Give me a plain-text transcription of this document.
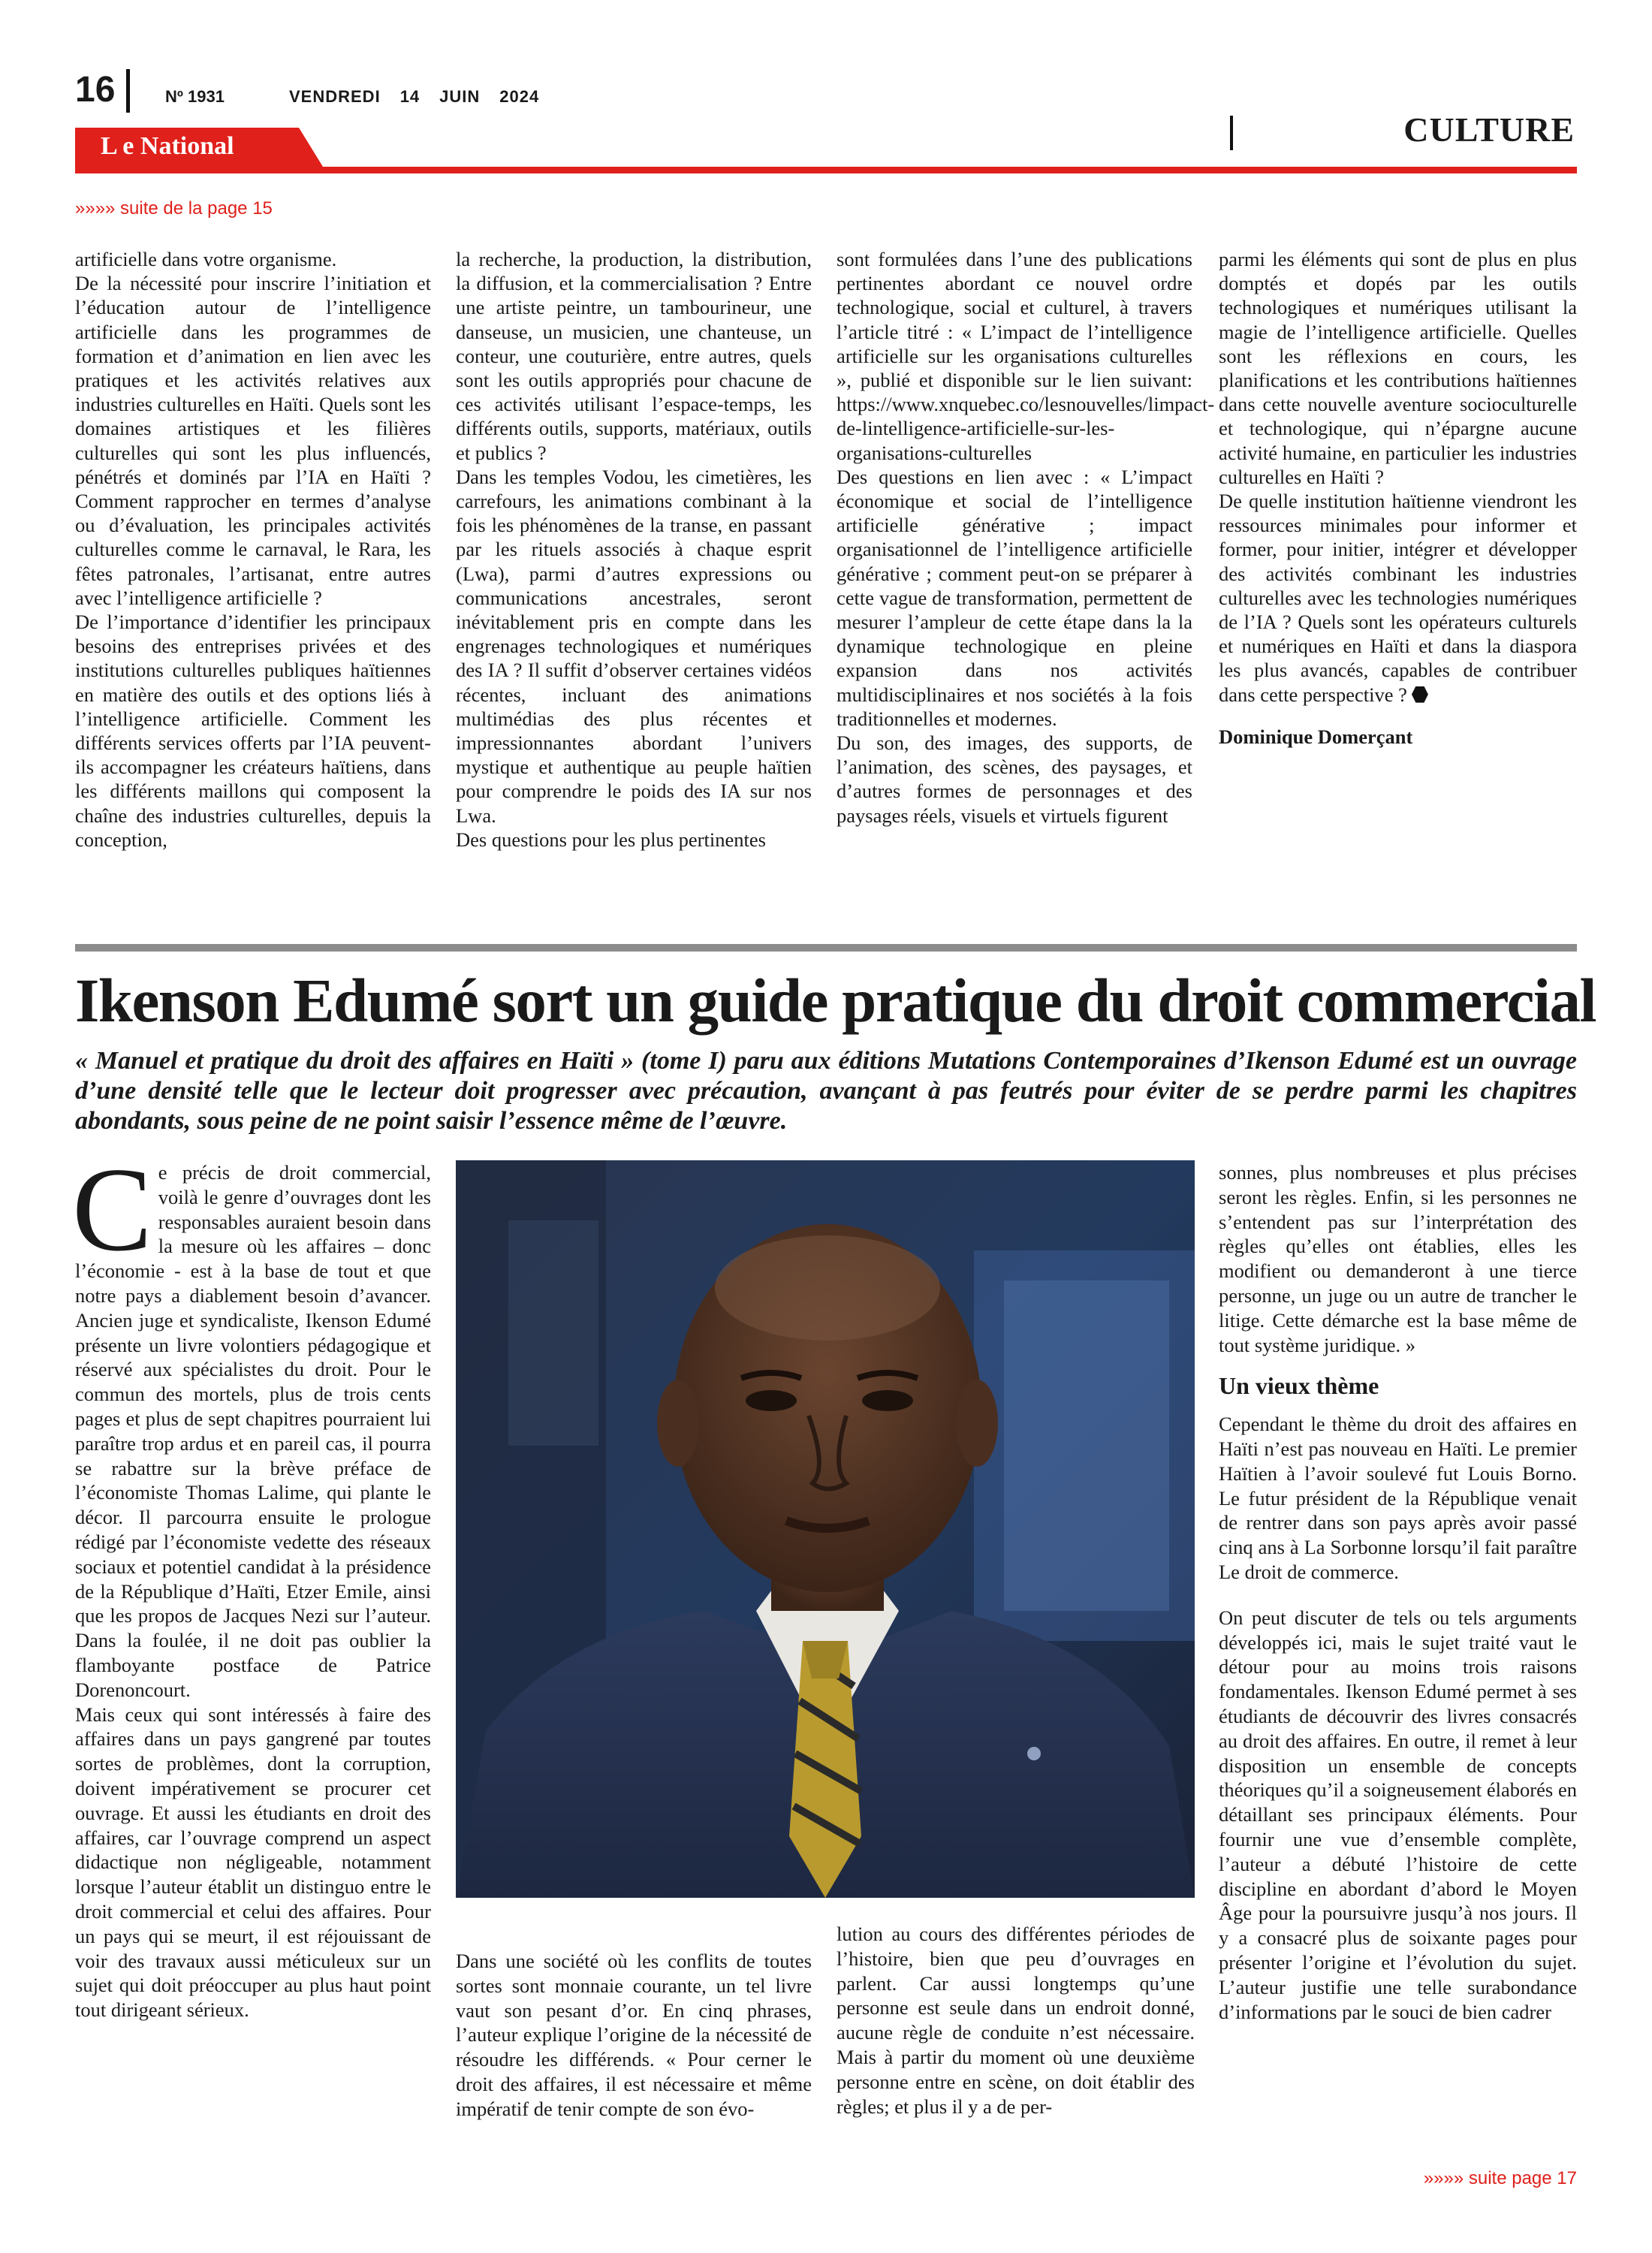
16	Nº 1931	VENDREDI 14 JUIN 2024
CULTURE
L e National
»»»» suite de la page 15

artificielle dans votre organisme.

De la nécessité pour inscrire l’initiation et l’éducation autour de l’intelligence artificielle dans les programmes de formation et d’animation en lien avec les pratiques et les activités relatives aux industries culturelles en Haïti. Quels sont les domaines artistiques et les filières culturelles qui sont les plus influencés, pénétrés et dominés par l’IA en Haïti ? Comment rapprocher en termes d’analyse ou d’évaluation, les principales activités culturelles comme le carnaval, le Rara, les fêtes patronales, l’artisanat, entre autres avec l’intelligence artificielle ?

De l’importance d’identifier les principaux besoins des entreprises privées et des institutions culturelles publiques haïtiennes en matière des outils et des options liés à l’intelligence artificielle. Comment les différents services offerts par l’IA peuvent-ils accompagner les créateurs haïtiens, dans les différents maillons qui composent la chaîne des industries culturelles, depuis la conception,

la recherche, la production, la distribution, la diffusion, et la commercialisation ? Entre une artiste peintre, un tambourineur, une danseuse, un musicien, une chanteuse, un conteur, une couturière, entre autres, quels sont les outils appropriés pour chacune de ces activités utilisant l’espace-temps, les différents outils, supports, matériaux, outils et publics ?

Dans les temples Vodou, les cimetières, les carrefours, les animations combinant à la fois les phénomènes de la transe, en passant par les rituels associés à chaque esprit (Lwa), parmi d’autres expressions ou communications ancestrales, seront inévitablement pris en compte dans les engrenages technologiques et numériques des IA ? Il suffit d’observer certaines vidéos récentes, incluant des animations multimédias des plus récentes et impressionnantes abordant l’univers mystique et authentique au peuple haïtien pour comprendre le poids des IA sur nos Lwa.

Des questions pour les plus pertinentes

sont formulées dans l’une des publications pertinentes abordant ce nouvel ordre technologique, social et culturel, à travers l’article titré : « L’impact de l’intelligence artificielle sur les organisations culturelles », publié et disponible sur le lien suivant: https://www.xnquebec.co/lesnouvelles/limpact-de-lintelligence-artificielle-sur-les-organisations-culturelles

Des questions en lien avec : « L’impact économique et social de l’intelligence artificielle générative ; impact organisationnel de l’intelligence artificielle générative ; comment peut-on se préparer à cette vague de transformation, permettent de mesurer l’ampleur de cette étape dans la la dynamique technologique en pleine expansion dans nos activités multidisciplinaires et nos sociétés à la fois traditionnelles et modernes.

Du son, des images, des supports, de l’animation, des scènes, des paysages, et d’autres formes de personnages et des paysages réels, visuels et virtuels figurent

parmi les éléments qui sont de plus en plus domptés et dopés par les outils technologiques et numériques utilisant la magie de l’intelligence artificielle. Quelles sont les réflexions en cours, les planifications et les contributions haïtiennes dans cette nouvelle aventure socioculturelle et technologique, qui n’épargne aucune activité humaine, en particulier les industries culturelles en Haïti ?

De quelle institution haïtienne viendront les ressources minimales pour informer et former, pour initier, intégrer et développer des activités combinant les industries culturelles avec les technologies numériques de l’IA ? Quels sont les opérateurs culturels et numériques en Haïti et dans la diaspora les plus avancés, capables de contribuer dans cette perspective ?

Dominique Domerçant

Ikenson Edumé sort un guide pratique du droit commercial
« Manuel et pratique du droit des affaires en Haïti » (tome I) paru aux éditions Mutations Contemporaines d’Ikenson Edumé est un ouvrage d’une densité telle que le lecteur doit progresser avec précaution, avançant à pas feutrés pour éviter de se perdre parmi les chapitres abondants, sous peine de ne point saisir l’essence même de l’œuvre.

Ce précis de droit commercial, voilà le genre d’ouvrages dont les responsables auraient besoin dans la mesure où les affaires – donc l’économie - est à la base de tout et que notre pays a diablement besoin d’avancer. Ancien juge et syndicaliste, Ikenson Edumé présente un livre volontiers pédagogique et réservé aux spécialistes du droit. Pour le commun des mortels, plus de trois cents pages et plus de sept chapitres pourraient lui paraître trop ardus et en pareil cas, il pourra se rabattre sur la brève préface de l’économiste Thomas Lalime, qui plante le décor. Il parcourra ensuite le prologue rédigé par l’économiste vedette des réseaux sociaux et potentiel candidat à la présidence de la République d’Haïti, Etzer Emile, ainsi que les propos de Jacques Nezi sur l’auteur. Dans la foulée, il ne doit pas oublier la flamboyante postface de Patrice Dorenoncourt.

Mais ceux qui sont intéressés à faire des affaires dans un pays gangrené par toutes sortes de problèmes, dont la corruption, doivent impérativement se procurer cet ouvrage. Et aussi les étudiants en droit des affaires, car l’ouvrage comprend un aspect didactique non négligeable, notamment lorsque l’auteur établit un distinguo entre le droit commercial et celui des affaires. Pour un pays qui se meurt, il est réjouissant de voir des travaux aussi méticuleux sur un sujet qui doit préoccuper au plus haut point tout dirigeant sérieux.

Dans une société où les conflits de toutes sortes sont monnaie courante, un tel livre vaut son pesant d’or. En cinq phrases, l’auteur explique l’origine de la nécessité de résoudre les différends. « Pour cerner le droit des affaires, il est nécessaire et même impératif de tenir compte de son évo-

lution au cours des différentes périodes de l’histoire, bien que peu d’ouvrages en parlent. Car aussi longtemps qu’une personne est seule dans un endroit donné, aucune règle de conduite n’est nécessaire. Mais à partir du moment où une deuxième personne entre en scène, on doit établir des règles; et plus il y a de per-

sonnes, plus nombreuses et plus précises seront les règles. Enfin, si les personnes ne s’entendent pas sur l’interprétation des règles qu’elles ont établies, elles les modifient ou demanderont à une tierce personne, un juge ou un autre de trancher le litige. Cette démarche est la base même de tout système juridique. »

Un vieux thème

Cependant le thème du droit des affaires en Haïti n’est pas nouveau en Haïti. Le premier Haïtien à l’avoir soulevé fut Louis Borno. Le futur président de la République venait de rentrer dans son pays après avoir passé cinq ans à La Sorbonne lorsqu’il fait paraître Le droit de commerce.

On peut discuter de tels ou tels arguments développés ici, mais le sujet traité vaut le détour pour au moins trois raisons fondamentales. Ikenson Edumé permet à ses étudiants de découvrir des livres consacrés au droit des affaires. En outre, il remet à leur disposition un ensemble de concepts théoriques qu’il a soigneusement élaborés en détaillant ses principaux éléments. Pour fournir une vue d’ensemble complète, l’auteur a débuté l’histoire de cette discipline en abordant d’abord le Moyen Âge pour la poursuivre jusqu’à nos jours. Il y a consacré plus de soixante pages pour présenter l’origine et l’évolution du sujet. L’auteur justifie une telle surabondance d’informations par le souci de bien cadrer

»»»» suite page 17
